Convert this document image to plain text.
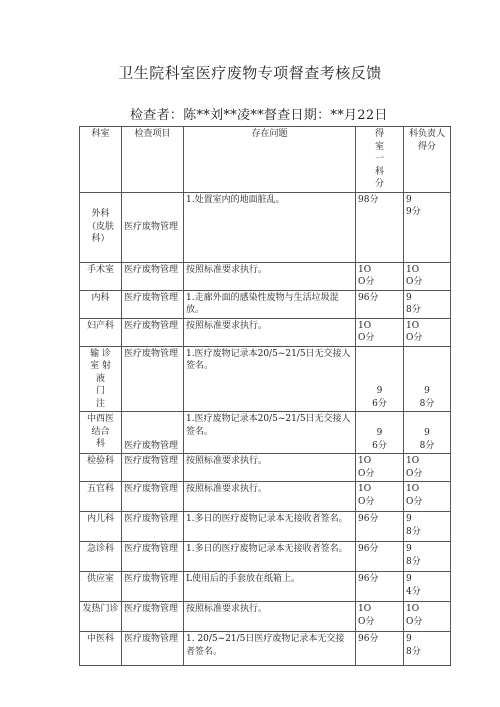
卫生院科室医疗废物专项督查考核反馈
检查者：陈**刘**凌**督查日期：**月22日
科室	检查项目	存在问题	得
室
一
科
分	科负责人
得分
外科
（皮肤
科）	医疗废物管理	1.处置室内的地面脏乱。	98分	9
9分
手术室	医疗废物管理	按照标准要求执行。	1O
O分	1O
O分
内科	医疗废物管理	1.走廊外面的感染性废物与生活垃圾混放。	96分	9
8分
妇产科	医疗废物管理	按照标准要求执行。	1O
O分	1O
O分
输 诊
室 射
液
门
注	医疗废物管理	1.医疗废物记录本20/5~21/5日无交接人签名。	9
6分	9
8分
中西医
结合
科	医疗废物管理	1.医疗废物记录本20/5~21/5日无交接人签名。	9
6分	9
8分
检验科	医疗废物管理	按照标准要求执行。	1O
O分	1O
O分
五官科	医疗废物管理	按照标准要求执行。	1O
O分	1O
O分
内儿科	医疗废物管理	1.多日的医疗废物记录本无接收者签名。	96分	9
8分
急诊科	医疗废物管理	1.多日的医疗废物记录本无接收者签名。	96分	9
8分
供应室	医疗废物管理	L使用后的手套放在纸箱上。	96分	9
4分
发热门诊	医疗废物管理	按照标准要求执行。	1O
O分	1O
O分
中医科	医疗废物管理	1. 20/5~21/5日医疗废物记录本无交接者签名。	96分	9
8分
